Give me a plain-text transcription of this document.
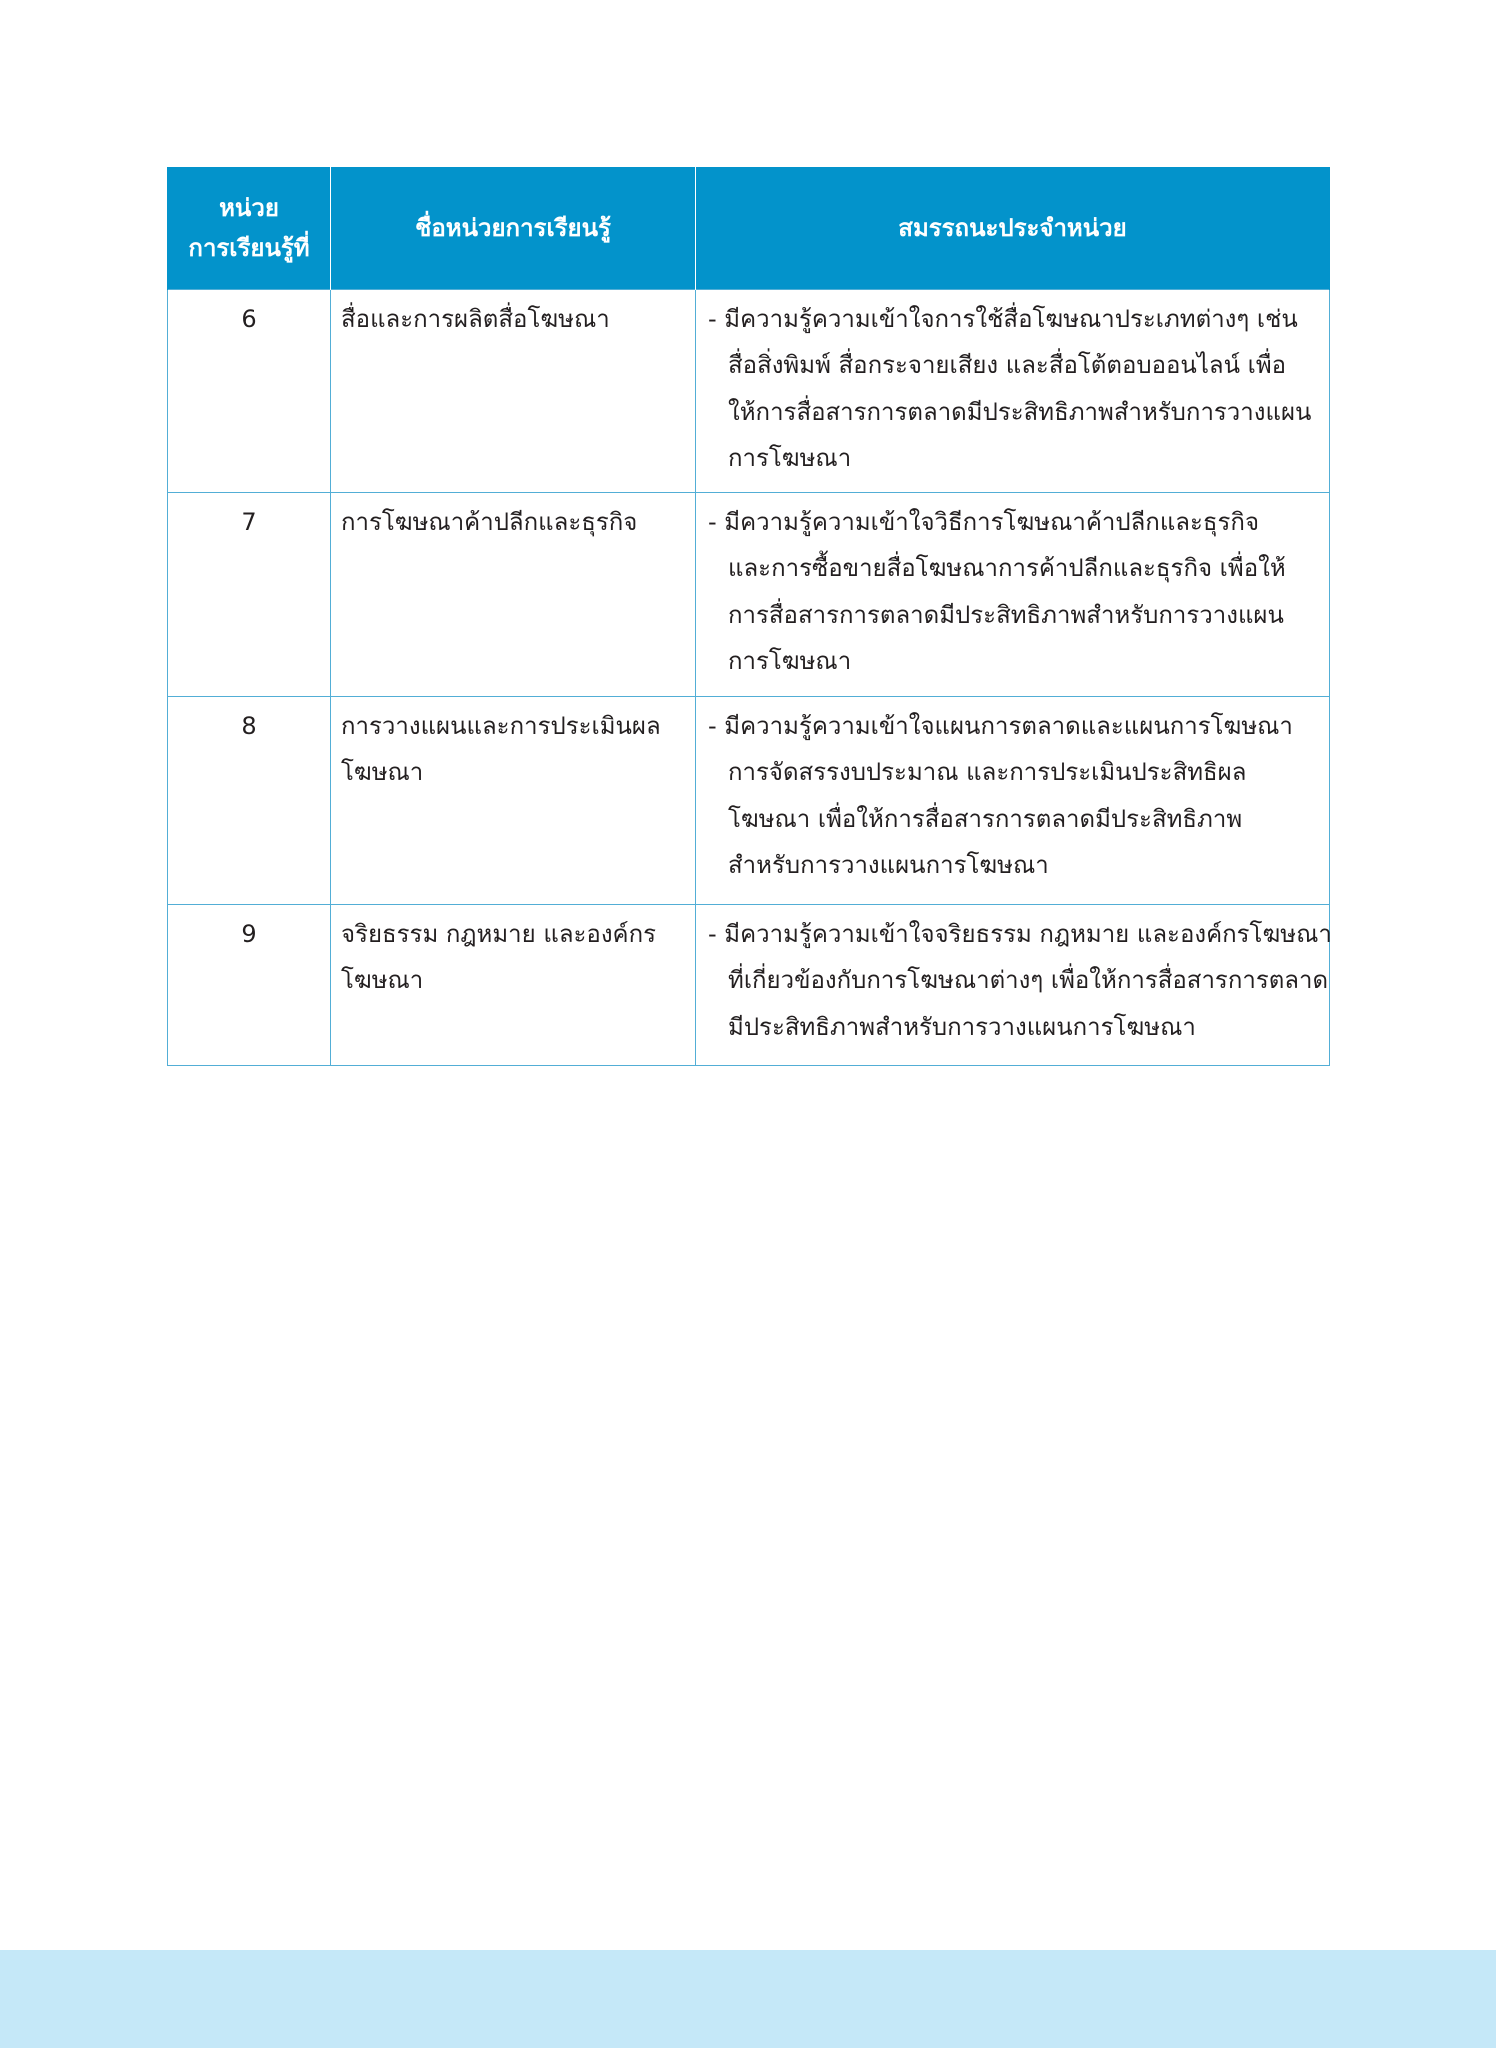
หน่วย
การเรียนรู้ที่	ชื่อหน่วยการเรียนรู้	สมรรถนะประจำหน่วย
6	สื่อและการผลิตสื่อโฆษณา	- มีความรู้ความเข้าใจการใช้สื่อโฆษณาประเภทต่างๆ เช่น
สื่อสิ่งพิมพ์ สื่อกระจายเสียง และสื่อโต้ตอบออนไลน์ เพื่อ
ให้การสื่อสารการตลาดมีประสิทธิภาพสำหรับการวางแผน
การโฆษณา

7	การโฆษณาค้าปลีกและธุรกิจ	- มีความรู้ความเข้าใจวิธีการโฆษณาค้าปลีกและธุรกิจ
และการซื้อขายสื่อโฆษณาการค้าปลีกและธุรกิจ เพื่อให้
การสื่อสารการตลาดมีประสิทธิภาพสำหรับการวางแผน
การโฆษณา

8	การวางแผนและการประเมินผล
โฆษณา	- มีความรู้ความเข้าใจแผนการตลาดและแผนการโฆษณา
การจัดสรรงบประมาณ และการประเมินประสิทธิผล
โฆษณา เพื่อให้การสื่อสารการตลาดมีประสิทธิภาพ
สำหรับการวางแผนการโฆษณา

9	จริยธรรม กฎหมาย และองค์กร
โฆษณา	- มีความรู้ความเข้าใจจริยธรรม กฎหมาย และองค์กรโฆษณา
ที่เกี่ยวข้องกับการโฆษณาต่างๆ เพื่อให้การสื่อสารการตลาด
มีประสิทธิภาพสำหรับการวางแผนการโฆษณา
